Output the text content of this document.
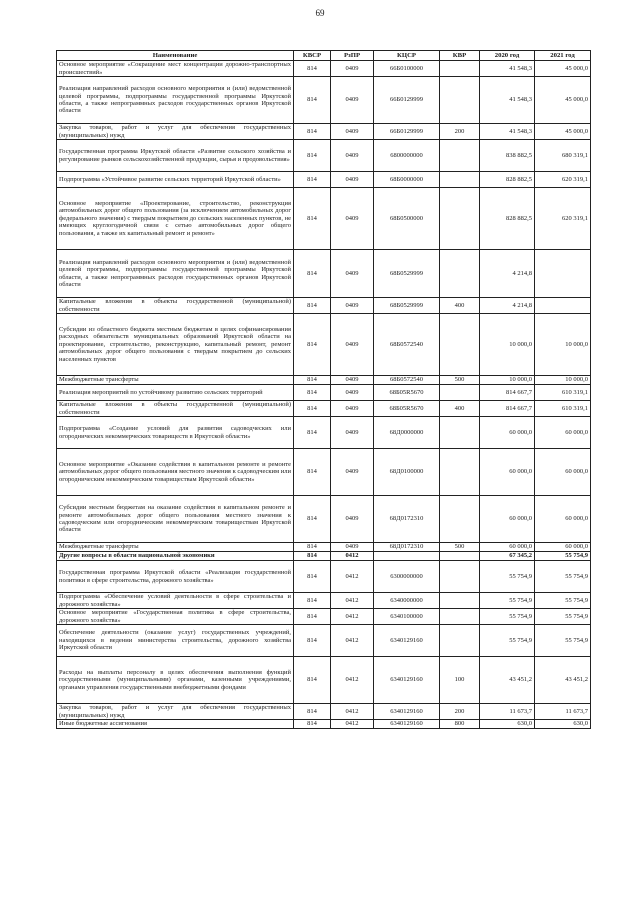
69
Наименование	КВСР	РзПР	КЦСР	КВР	2020 год	2021 год
Основное мероприятие «Сокращение мест концентрации дорожно-транспортных происшествий»	814	0409	66Б0100000		41 548,3	45 000,0
Реализация направлений расходов основного мероприятия и (или) ведомственной целевой программы, подпрограммы государственной программы Иркутской области, а также непрограммных расходов государственных органов Иркутской области	814	0409	66Б0129999		41 548,3	45 000,0
Закупка товаров, работ и услуг для обеспечения государственных (муниципальных) нужд	814	0409	66Б0129999	200	41 548,3	45 000,0
Государственная программа Иркутской области «Развитие сельского хозяйства и регулирование рынков сельскохозяйственной продукции, сырья и продовольствия»	814	0409	6800000000		838 882,5	680 319,1
Подпрограмма «Устойчивое развитие сельских территорий Иркутской области»	814	0409	68Б0000000		828 882,5	620 319,1
Основное мероприятие «Проектирование, строительство, реконструкция автомобильных дорог общего пользования (за исключением автомобильных дорог федерального значения) с твердым покрытием до сельских населенных пунктов, не имеющих круглогодичной связи с сетью автомобильных дорог общего пользования, а также их капитальный ремонт и ремонт»	814	0409	68Б0500000		828 882,5	620 319,1
Реализация направлений расходов основного мероприятия и (или) ведомственной целевой программы, подпрограммы государственной программы Иркутской области, а также непрограммных расходов государственных органов Иркутской области	814	0409	68Б0529999		4 214,8	
Капитальные вложения в объекты государственной (муниципальной) собственности	814	0409	68Б0529999	400	4 214,8	
Субсидии из областного бюджета местным бюджетам в целях софинансирования расходных обязательств муниципальных образований Иркутской области на проектирование, строительство, реконструкцию, капитальный ремонт, ремонт автомобильных дорог общего пользования с твердым покрытием до сельских населенных пунктов	814	0409	68Б0572540		10 000,0	10 000,0
Межбюджетные трансферты	814	0409	68Б0572540	500	10 000,0	10 000,0
Реализация мероприятий по устойчивому развитию сельских территорий	814	0409	68Б05R5670		814 667,7	610 319,1
Капитальные вложения в объекты государственной (муниципальной) собственности	814	0409	68Б05R5670	400	814 667,7	610 319,1
Подпрограмма «Создание условий для развития садоводческих или огороднических некоммерческих товариществ в Иркутской области»	814	0409	68Д0000000		60 000,0	60 000,0
Основное мероприятие «Оказание содействия в капитальном ремонте и ремонте автомобильных дорог общего пользования местного значения к садоводческим или огородническим некоммерческим товариществам Иркутской области»	814	0409	68Д0100000		60 000,0	60 000,0
Субсидии местным бюджетам на оказание содействия в капитальном ремонте и ремонте автомобильных дорог общего пользования местного значения к садоводческим или огородническим некоммерческим товариществам Иркутской области	814	0409	68Д0172310		60 000,0	60 000,0
Межбюджетные трансферты	814	0409	68Д0172310	500	60 000,0	60 000,0
Другие вопросы в области национальной экономики	814	0412			67 345,2	55 754,9
Государственная программа Иркутской области «Реализация государственной политики в сфере строительства, дорожного хозяйства»	814	0412	6300000000		55 754,9	55 754,9
Подпрограмма «Обеспечение условий деятельности в сфере строительства и дорожного хозяйства»	814	0412	6340000000		55 754,9	55 754,9
Основное мероприятие «Государственная политика в сфере строительства, дорожного хозяйства»	814	0412	6340100000		55 754,9	55 754,9
Обеспечение деятельности (оказание услуг) государственных учреждений, находящихся в ведении министерства строительства, дорожного хозяйства Иркутской области	814	0412	6340129160		55 754,9	55 754,9
Расходы на выплаты персоналу в целях обеспечения выполнения функций государственными (муниципальными) органами, казенными учреждениями, органами управления государственными внебюджетными фондами	814	0412	6340129160	100	43 451,2	43 451,2
Закупка товаров, работ и услуг для обеспечения государственных (муниципальных) нужд	814	0412	6340129160	200	11 673,7	11 673,7
Иные бюджетные ассигнования	814	0412	6340129160	800	630,0	630,0
